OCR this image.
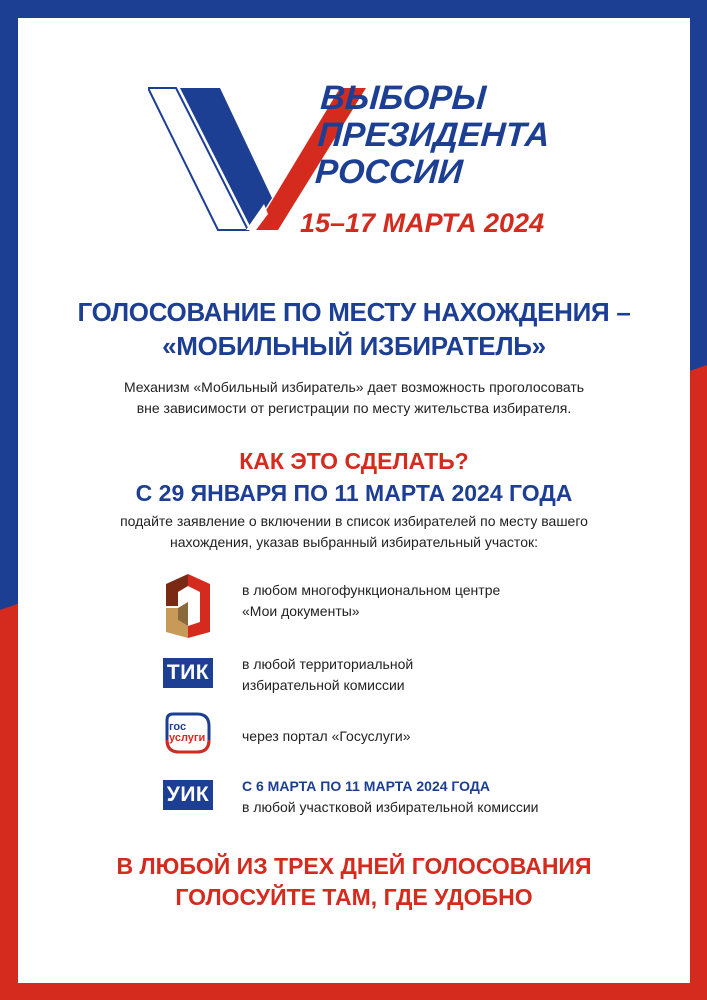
ВЫБОРЫ
ПРЕЗИДЕНТА
РОССИИ
15–17 МАРТА 2024
ГОЛОСОВАНИЕ ПО МЕСТУ НАХОЖДЕНИЯ –
«МОБИЛЬНЫЙ ИЗБИРАТЕЛЬ»
Механизм «Мобильный избиратель» дает возможность проголосовать
вне зависимости от регистрации по месту жительства избирателя.
КАК ЭТО СДЕЛАТЬ?
С 29 ЯНВАРЯ ПО 11 МАРТА 2024 ГОДА
подайте заявление о включении в список избирателей по месту вашего
нахождения, указав выбранный избирательный участок:
в любом многофункциональном центре
«Мои документы»
ТИК в любой территориальной
избирательной комиссии
гос
услуги	через портал «Госуслуги»
УИК С 6 МАРТА ПО 11 МАРТА 2024 ГОДА
в любой участковой избирательной комиссии
В ЛЮБОЙ ИЗ ТРЕХ ДНЕЙ ГОЛОСОВАНИЯ
ГОЛОСУЙТЕ ТАМ, ГДЕ УДОБНО
